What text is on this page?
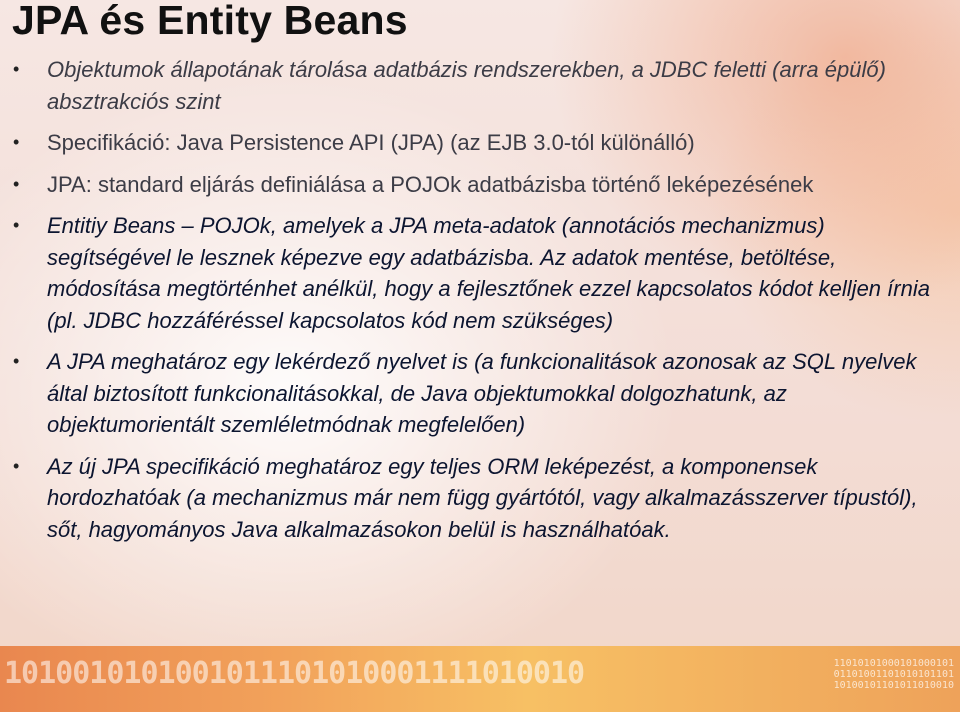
JPA és Entity Beans
• Objektumok állapotának tárolása adatbázis rendszerekben, a JDBC feletti (arra épülő) absztrakciós szint
• Specifikáció: Java Persistence API (JPA) (az EJB 3.0-tól különálló)
• JPA: standard eljárás definiálása a POJOk adatbázisba történő leképezésének
• Entitiy Beans – POJOk, amelyek a JPA meta-adatok (annotációs mechanizmus) segítségével le lesznek képezve egy adatbázisba. Az adatok mentése, betöltése, módosítása megtörténhet anélkül, hogy a fejlesztőnek ezzel kapcsolatos kódot kelljen írnia (pl. JDBC hozzáféréssel kapcsolatos kód nem szükséges)
• A JPA meghatároz egy lekérdező nyelvet is (a funkcionalitások azonosak az SQL nyelvek által biztosított funkcionalitásokkal, de Java objektumokkal dolgozhatunk, az objektumorientált szemléletmódnak megfelelően)
• Az új JPA specifikáció meghatároz egy teljes ORM leképezést, a komponensek hordozhatóak (a mechanizmus már nem függ gyártótól, vagy alkalmazásszerver típustól), sőt, hagyományos Java alkalmazásokon belül is használhatóak.
1010010101001011101010001111010010	11010101000101000101
01101001101010101101
10100101101011010010
